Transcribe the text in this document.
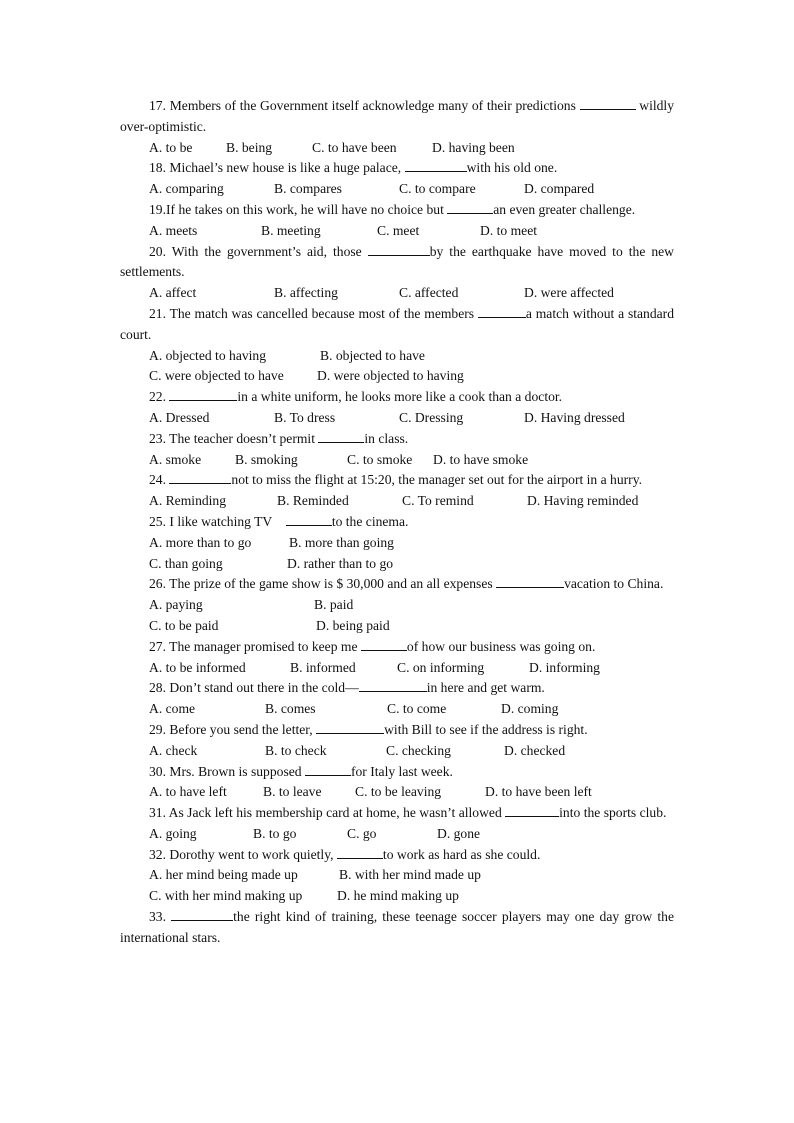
17. Members of the Government itself acknowledge many of their predictions	wildly over-optimistic.
A. to be	B. being	C. to have been	D. having been
18. Michael’s new house is like a huge palace,	with his old one.
A. comparing	B. compares	C. to compare	D. compared
19.If he takes on this work, he will have no choice but	an even greater challenge.
A. meets	B. meeting	C. meet	D. to meet
20. With the government’s aid, those	by the earthquake have moved to the new settlements.
A. affect	B. affecting	C. affected	D. were affected
21. The match was cancelled because most of the members	a match without a standard court.
A. objected to having	B. objected to have
C. were objected to have	D. were objected to having
22.	in a white uniform, he looks more like a cook than a doctor.
A. Dressed	B. To dress	C. Dressing	D. Having dressed
23. The teacher doesn’t permit	in class.
A. smoke	B. smoking	C. to smoke	D. to have smoke
24.	not to miss the flight at 15:20, the manager set out for the airport in a hurry.
A. Reminding	B. Reminded	C. To remind	D. Having reminded
25. I like watching TV	to the cinema.
A. more than to go	B. more than going
C. than going	D. rather than to go
26. The prize of the game show is $ 30,000 and an all expenses	vacation to China.
A. paying	B. paid
C. to be paid	D. being paid
27. The manager promised to keep me	of how our business was going on.
A. to be informed	B. informed	C. on informing	D. informing
28. Don’t stand out there in the cold—	in here and get warm.
A. come	B. comes	C. to come	D. coming
29. Before you send the letter,	with Bill to see if the address is right.
A. check	B. to check	C. checking	D. checked
30. Mrs. Brown is supposed	for Italy last week.
A. to have left	B. to leave	C. to be leaving	D. to have been left
31. As Jack left his membership card at home, he wasn’t allowed	into the sports club.
A. going	B. to go	C. go	D. gone
32. Dorothy went to work quietly,	to work as hard as she could.
A. her mind being made up	B. with her mind made up
C. with her mind making up	D. he mind making up
33.	the right kind of training, these teenage soccer players may one day grow the international stars.
